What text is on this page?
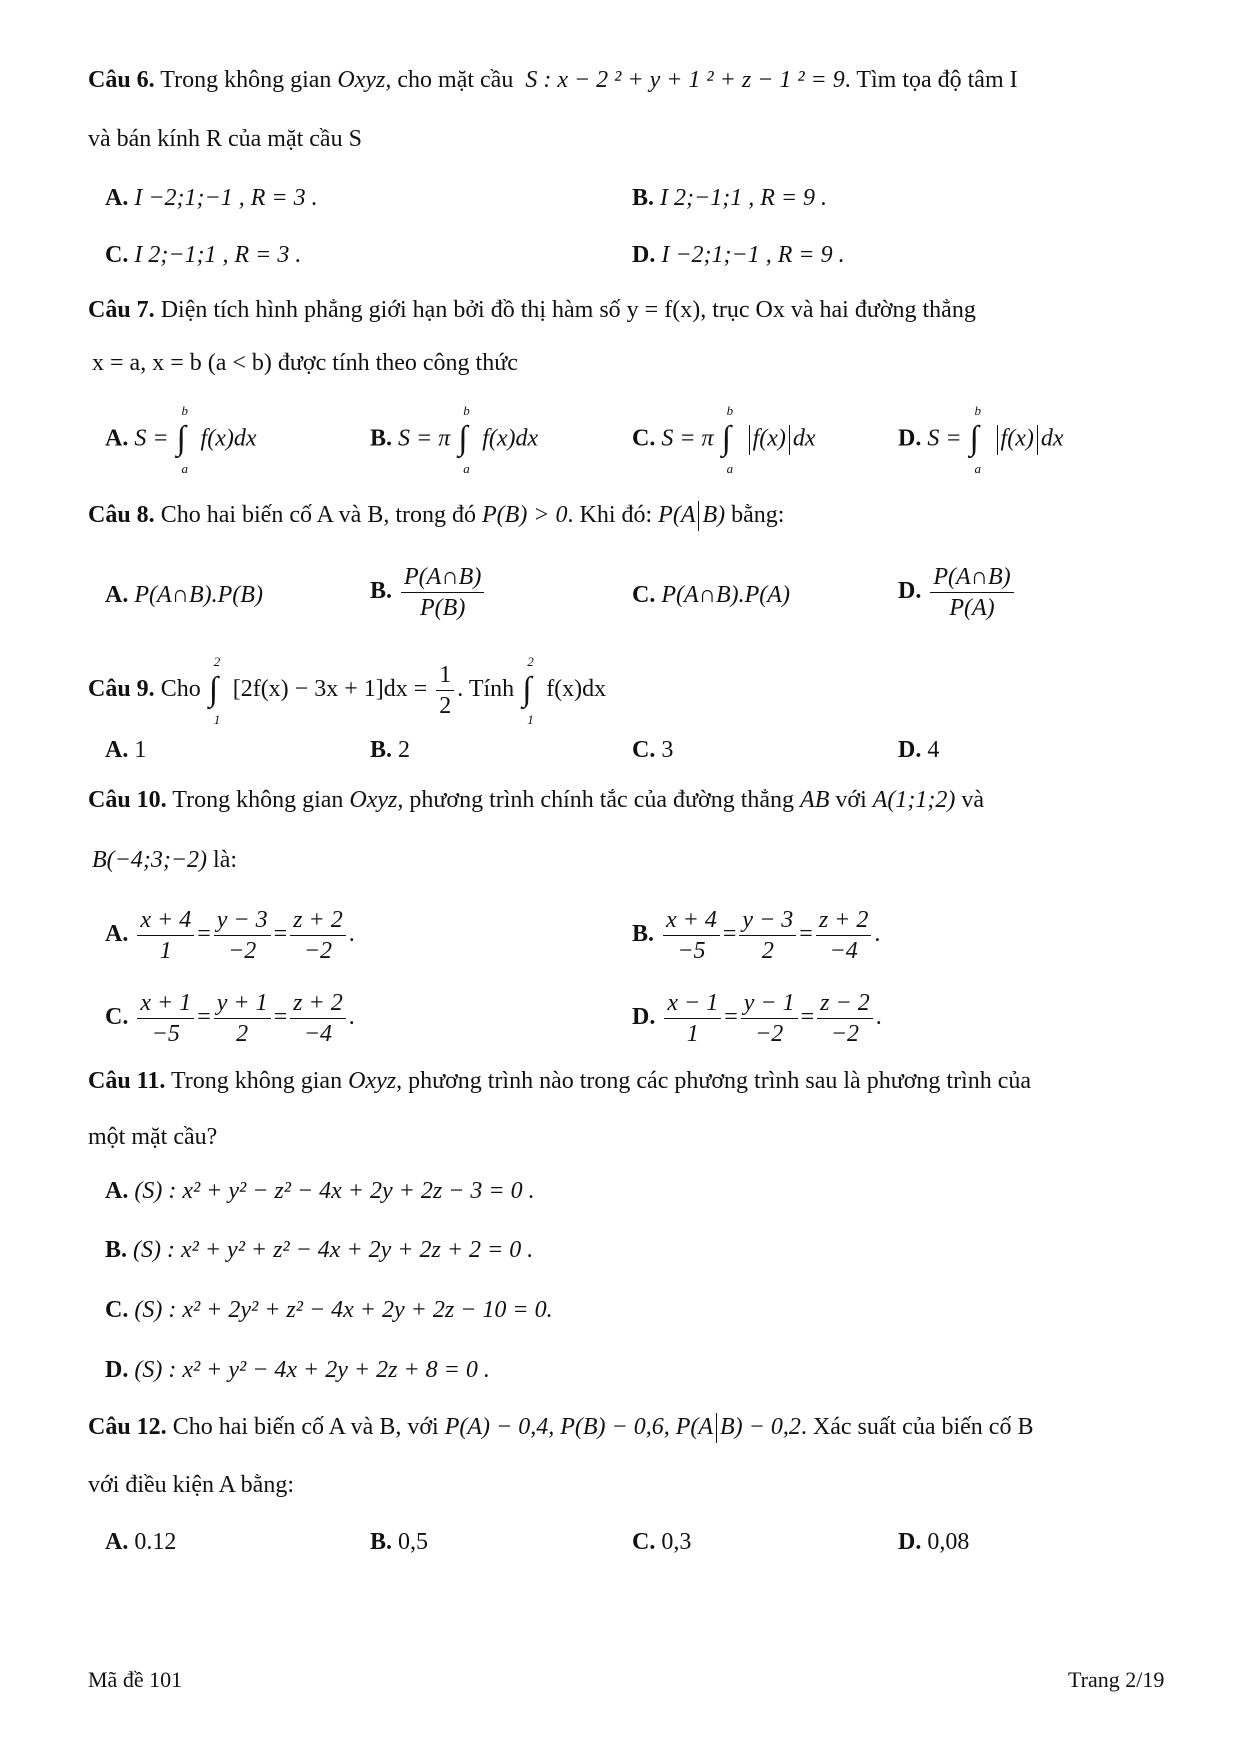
Câu 6. Trong không gian Oxyz, cho mặt cầu S : x − 2 ² + y + 1 ² + z − 1 ² = 9. Tìm tọa độ tâm I
và bán kính R của mặt cầu S
A. I −2;1;−1 , R = 3 .	B. I 2;−1;1 , R = 9 .
C. I 2;−1;1 , R = 3 .	D. I −2;1;−1 , R = 9 .
Câu 7. Diện tích hình phẳng giới hạn bởi đồ thị hàm số y = f(x), trục Ox và hai đường thẳng
x = a, x = b (a < b) được tính theo công thức
A. S =
b
∫
a
f(x)dx	B. S = π
b
∫
a
f(x)dx	C. S = π
b
∫
a
f(x) dx	D. S =
b
∫
a
f(x) dx
Câu 8. Cho hai biến cố A và B, trong đó P(B) > 0. Khi đó: P(A B) bằng:
A. P(A∩B).P(B)	B. $\frac{P(A\cap B)}{P(B)}$	C. P(A∩B).P(A)	D. $\frac{P(A\cap B)}{P(A)}$
Câu 9. Cho
2
∫
1
$[2f(x) - 3x + 1]dx = \frac{1}{2}$ . Tính
2
∫
1
f(x)dx
A. 1	B. 2	C. 3	D. 4
Câu 10. Trong không gian Oxyz, phương trình chính tắc của đường thẳng AB với A(1;1;2) và
B(−4;3;−2) là:
A. $\frac{x + 4}{1} = \frac{y - 3}{-2} = \frac{z + 2}{-2}$ .	B. $\frac{x + 4}{-5} = \frac{y - 3}{2} = \frac{z + 2}{-4}$ .
C. $\frac{x + 1}{-5} = \frac{y + 1}{2} = \frac{z + 2}{-4}$ .	D. $\frac{x - 1}{1} = \frac{y - 1}{-2} = \frac{z - 2}{-2}$ .
Câu 11. Trong không gian Oxyz, phương trình nào trong các phương trình sau là phương trình của
một mặt cầu?
A. (S) : x² + y² − z² − 4x + 2y + 2z − 3 = 0 .
B. (S) : x² + y² + z² − 4x + 2y + 2z + 2 = 0 .
C. (S) : x² + 2y² + z² − 4x + 2y + 2z − 10 = 0.
D. (S) : x² + y² − 4x + 2y + 2z + 8 = 0 .
Câu 12. Cho hai biến cố A và B, với P(A) − 0,4, P(B) − 0,6, P(A B) − 0,2. Xác suất của biến cố B
với điều kiện A bằng:
A. 0.12	B. 0,5	C. 0,3	D. 0,08
Mã đề 101	Trang 2/19
